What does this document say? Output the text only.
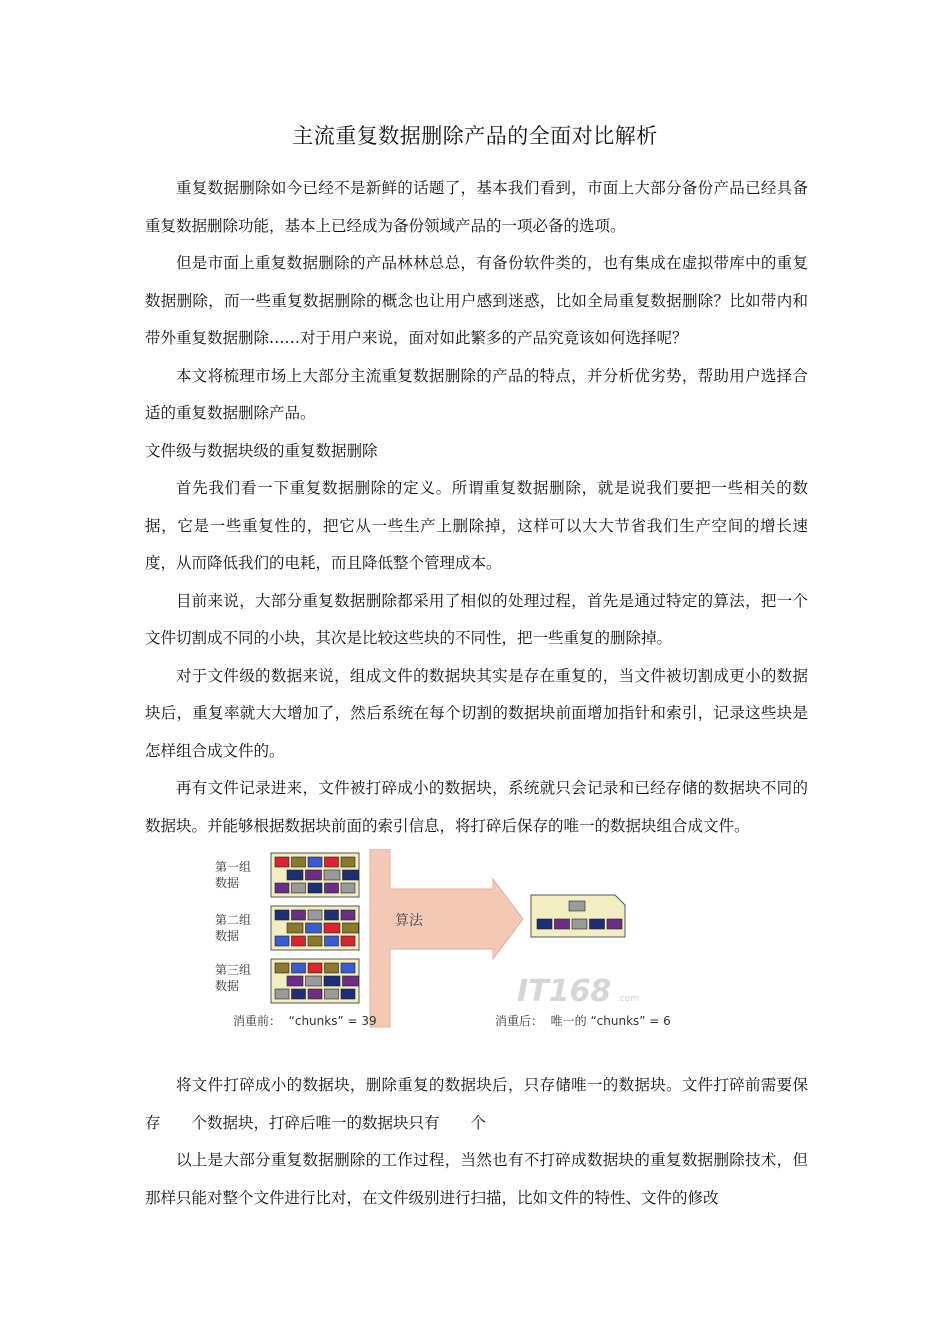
主流重复数据删除产品的全面对比解析

重复数据删除如今已经不是新鲜的话题了，基本我们看到，市面上大部分备份产品已经具备重复数据删除功能，基本上已经成为备份领域产品的一项必备的选项。

但是市面上重复数据删除的产品林林总总，有备份软件类的，也有集成在虚拟带库中的重复数据删除，而一些重复数据删除的概念也让用户感到迷惑，比如全局重复数据删除？比如带内和带外重复数据删除……对于用户来说，面对如此繁多的产品究竟该如何选择呢？

本文将梳理市场上大部分主流重复数据删除的产品的特点，并分析优劣势，帮助用户选择合适的重复数据删除产品。

文件级与数据块级的重复数据删除

首先我们看一下重复数据删除的定义。所谓重复数据删除，就是说我们要把一些相关的数据，它是一些重复性的，把它从一些生产上删除掉，这样可以大大节省我们生产空间的增长速度，从而降低我们的电耗，而且降低整个管理成本。

目前来说，大部分重复数据删除都采用了相似的处理过程，首先是通过特定的算法，把一个文件切割成不同的小块，其次是比较这些块的不同性，把一些重复的删除掉。

对于文件级的数据来说，组成文件的数据块其实是存在重复的，当文件被切割成更小的数据块后，重复率就大大增加了，然后系统在每个切割的数据块前面增加指针和索引，记录这些块是怎样组合成文件的。

再有文件记录进来，文件被打碎成小的数据块，系统就只会记录和已经存储的数据块不同的数据块。并能够根据数据块前面的索引信息，将打碎后保存的唯一的数据块组合成文件。

第一组
数据
第二组
数据
第三组
数据
算法
IT168 .com
消重前：  “chunks” = 39	消重后：  唯一的 “chunks” = 6

将文件打碎成小的数据块，删除重复的数据块后，只存储唯一的数据块。文件打碎前需要保存　　个数据块，打碎后唯一的数据块只有　　个

以上是大部分重复数据删除的工作过程，当然也有不打碎成数据块的重复数据删除技术，但那样只能对整个文件进行比对，在文件级别进行扫描，比如文件的特性、文件的修改
